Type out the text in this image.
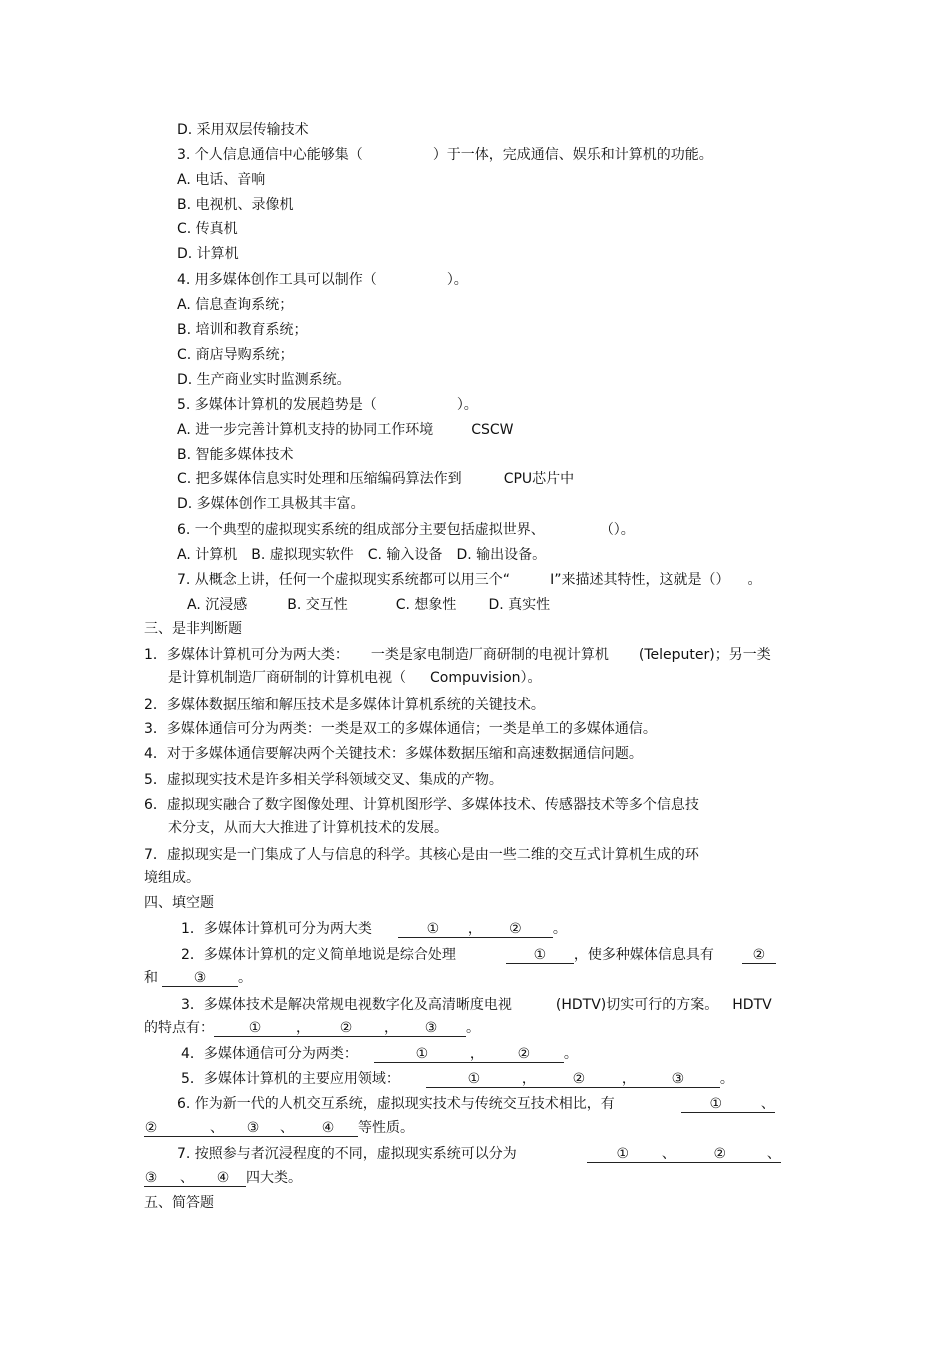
D. 采用双层传输技术
3. 个人信息通信中心能够集（	）于一体，完成通信、娱乐和计算机的功能。
A. 电话、音响
B. 电视机、录像机
C. 传真机
D. 计算机
4. 用多媒体创作工具可以制作（	）。
A. 信息查询系统；
B. 培训和教育系统；
C. 商店导购系统；
D. 生产商业实时监测系统。
5. 多媒体计算机的发展趋势是（	）。
A. 进一步完善计算机支持的协同工作环境	CSCW
B. 智能多媒体技术
C. 把多媒体信息实时处理和压缩编码算法作到	CPU芯片中
D. 多媒体创作工具极其丰富。
6. 一个典型的虚拟现实系统的组成部分主要包括虚拟世界、	（）。
A. 计算机 B. 虚拟现实软件 C. 输入设备 D. 输出设备。
7. 从概念上讲，任何一个虚拟现实系统都可以用三个“	I”来描述其特性，这就是（） 。
A. 沉浸感	B. 交互性	C. 想象性 D. 真实性
三、是非判断题
1．多媒体计算机可分为两大类： 一类是家电制造厂商研制的电视计算机 (Teleputer)；另一类
是计算机制造厂商研制的计算机电视（ Compuvision）。
2．多媒体数据压缩和解压技术是多媒体计算机系统的关键技术。
3．多媒体通信可分为两类：一类是双工的多媒体通信；一类是单工的多媒体通信。
4．对于多媒体通信要解决两个关键技术：多媒体数据压缩和高速数据通信问题。
5．虚拟现实技术是许多相关学科领域交叉、集成的产物。
6．虚拟现实融合了数字图像处理、计算机图形学、多媒体技术、传感器技术等多个信息技
术分支，从而大大推进了计算机技术的发展。
7．虚拟现实是一门集成了人与信息的科学。其核心是由一些二维的交互式计算机生成的环
境组成。
四、填空题
1．多媒体计算机可分为两大类	① ， ② 。
2．多媒体计算机的定义简单地说是综合处理	① ，使多种媒体信息具有	②
和	③ 。
3．多媒体技术是解决常规电视数字化及高清晰度电视	(HDTV)切实可行的方案。 HDTV
的特点有： ① ， ② ， ③ 。
4．多媒体通信可分为两类：	①	， ② 。
5．多媒体计算机的主要应用领域：	①	，	②	，	③	。
6. 作为新一代的人机交互系统，虚拟现实技术与传统交互技术相比，有	①	、
②	、 ③ 、 ④ 等性质。
7. 按照参与者沉浸程度的不同，虚拟现实系统可以分为	① 、	②	、
③ 、 ④ 四大类。
五、简答题
